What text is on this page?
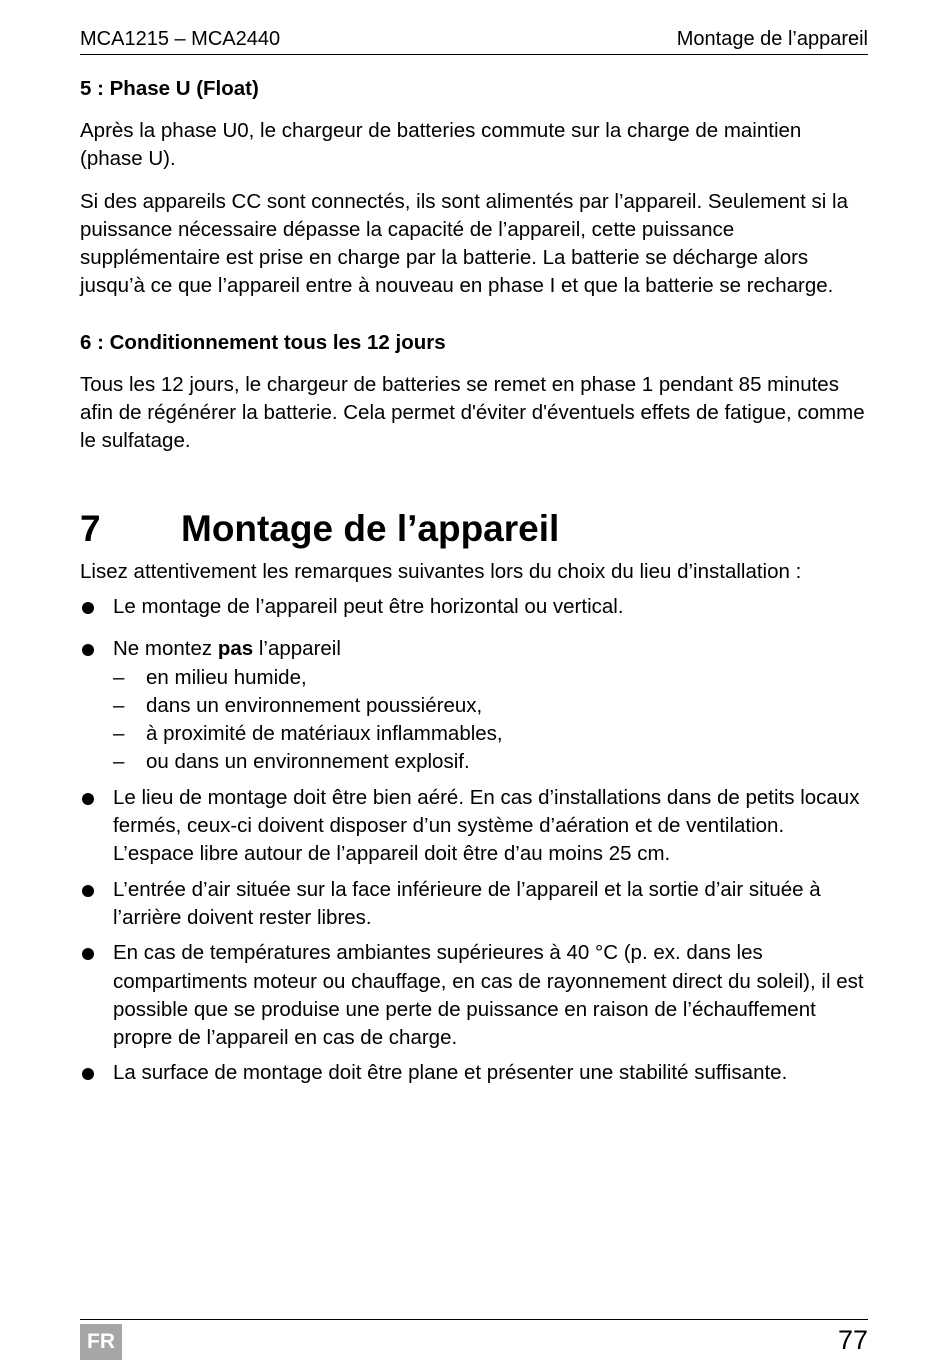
MCA1215 – MCA2440	Montage de l’appareil
5 : Phase U (Float)

Après la phase U0, le chargeur de batteries commute sur la charge de maintien (phase U).

Si des appareils CC sont connectés, ils sont alimentés par l’appareil. Seulement si la puissance nécessaire dépasse la capacité de l’appareil, cette puissance supplémentaire est prise en charge par la batterie. La batterie se décharge alors jusqu’à ce que l’appareil entre à nouveau en phase I et que la batterie se recharge.

6 : Conditionnement tous les 12 jours

Tous les 12 jours, le chargeur de batteries se remet en phase 1 pendant 85 minutes afin de régénérer la batterie. Cela permet d'éviter d'éventuels effets de fatigue, comme le sulfatage.

7	Montage de l’appareil

Lisez attentivement les remarques suivantes lors du choix du lieu d’installation :

Le montage de l’appareil peut être horizontal ou vertical.
Ne montez pas l’appareil
– en milieu humide,
– dans un environnement poussiéreux,
– à proximité de matériaux inflammables,
– ou dans un environnement explosif.
Le lieu de montage doit être bien aéré. En cas d’installations dans de petits locaux fermés, ceux-ci doivent disposer d’un système d’aération et de ventilation. L’espace libre autour de l’appareil doit être d’au moins 25 cm.
L’entrée d’air située sur la face inférieure de l’appareil et la sortie d’air située à l’arrière doivent rester libres.
En cas de températures ambiantes supérieures à 40 °C (p. ex. dans les compartiments moteur ou chauffage, en cas de rayonnement direct du soleil), il est possible que se produise une perte de puissance en raison de l’échauffement propre de l’appareil en cas de charge.
La surface de montage doit être plane et présenter une stabilité suffisante.
FR	77
